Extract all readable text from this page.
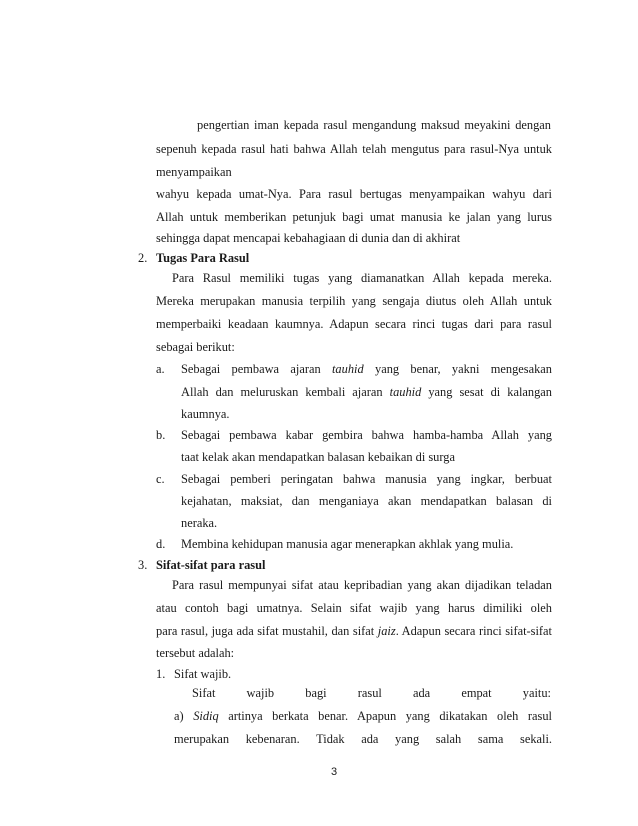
pengertian iman kepada rasul mengandung maksud meyakini dengan
sepenuh kepada rasul hati bahwa Allah telah mengutus para rasul-Nya untuk
menyampaikan
wahyu kepada umat-Nya. Para rasul bertugas menyampaikan wahyu dari
Allah untuk memberikan petunjuk bagi umat manusia ke jalan yang lurus
sehingga dapat mencapai kebahagiaan di dunia dan di akhirat
2. Tugas Para Rasul
Para Rasul memiliki tugas yang diamanatkan Allah kepada mereka.
Mereka merupakan manusia terpilih yang sengaja diutus oleh Allah untuk
memperbaiki keadaan kaumnya. Adapun secara rinci tugas dari para rasul
sebagai berikut:
a. Sebagai pembawa ajaran tauhid yang benar, yakni mengesakan
Allah dan meluruskan kembali ajaran tauhid yang sesat di kalangan
kaumnya.
b. Sebagai pembawa kabar gembira bahwa hamba-hamba Allah yang
taat kelak akan mendapatkan balasan kebaikan di surga
c. Sebagai pemberi peringatan bahwa manusia yang ingkar, berbuat
kejahatan, maksiat, dan menganiaya akan mendapatkan balasan di
neraka.
d. Membina kehidupan manusia agar menerapkan akhlak yang mulia.
3. Sifat-sifat para rasul
Para rasul mempunyai sifat atau kepribadian yang akan dijadikan teladan
atau contoh bagi umatnya. Selain sifat wajib yang harus dimiliki oleh
para rasul, juga ada sifat mustahil, dan sifat jaiz. Adapun secara rinci sifat-sifat
tersebut adalah:
1. Sifat wajib.
Sifat wajib bagi rasul ada empat yaitu:
a) Sidiq artinya berkata benar. Apapun yang dikatakan oleh rasul
merupakan kebenaran. Tidak ada yang salah sama sekali.
3
